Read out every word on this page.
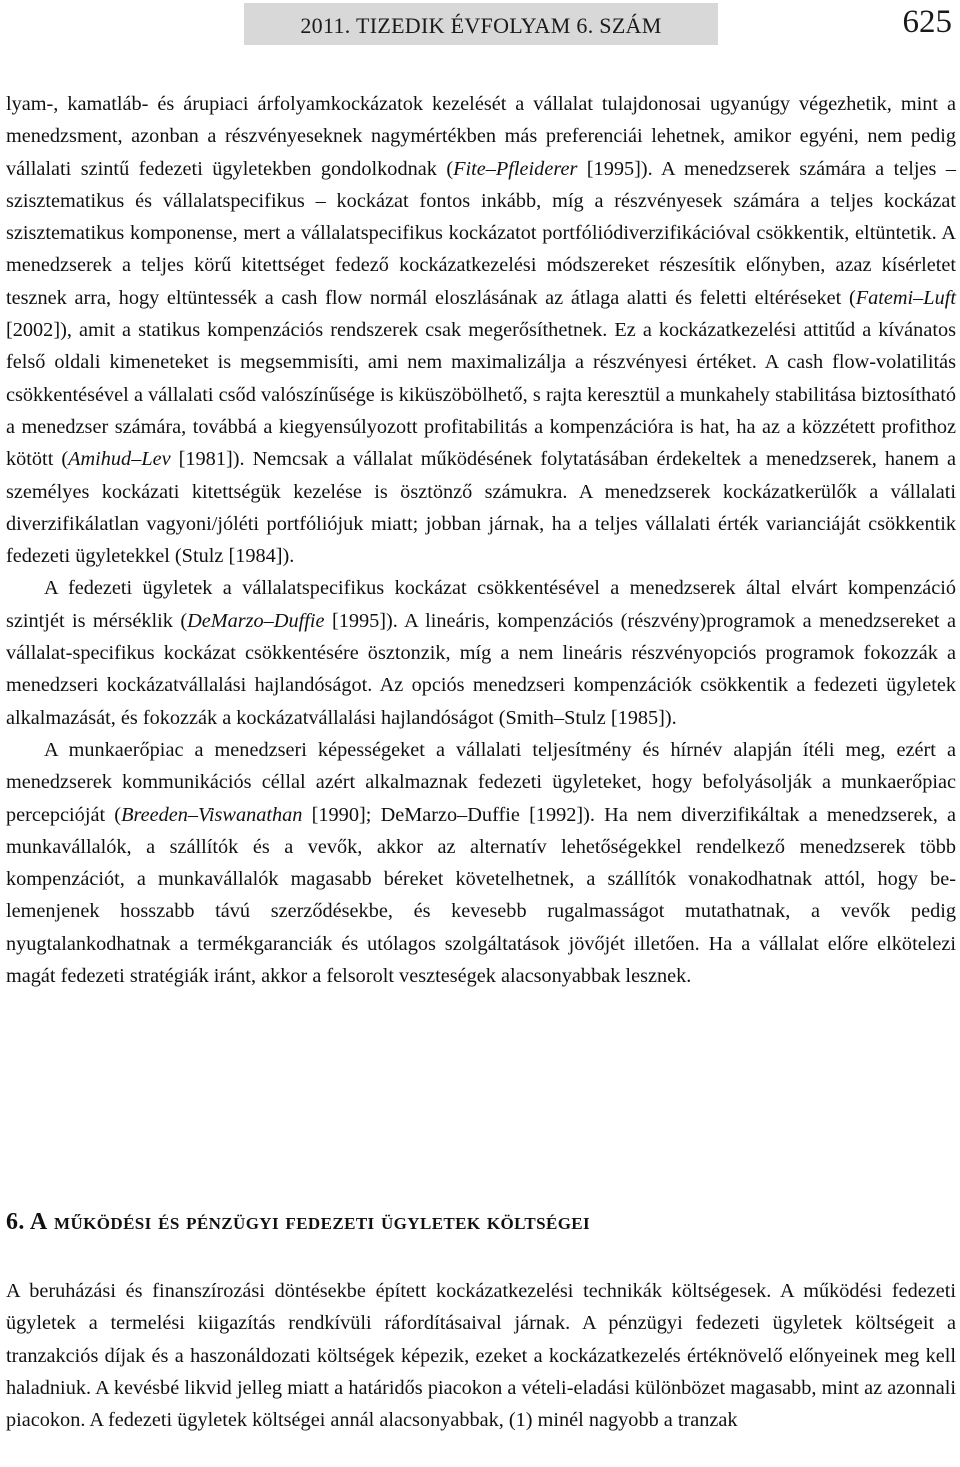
2011. TIZEDIK ÉVFOLYAM 6. SZÁM	625

lyam-, kamatláb- és árupiaci árfolyamkockázatok kezelését a vállalat tulajdonosai ugyanúgy végezhetik, mint a menedzsment, azonban a részvényeseknek nagymértékben más preferenciái lehetnek, amikor egyéni, nem pedig vállalati szintű fedezeti ügyletekben gondolkodnak (Fite–Pfleiderer [1995]). A menedzserek számára a teljes – szisztematikus és vállalatspecifikus – kockázat fontos inkább, míg a részvényesek számára a teljes kockázat szisztematikus komponense, mert a vállalatspecifikus kockázatot portfóliódiverzifikációval csökkentik, eltüntetik. A menedzserek a teljes körű kitettséget fedező kockázatkezelési módszereket részesítik előnyben, azaz kísérletet tesznek arra, hogy eltüntessék a cash flow normál eloszlásának az átlaga alatti és feletti eltéréseket (Fatemi–Luft [2002]), amit a statikus kompenzációs rendszerek csak megerősíthetnek. Ez a kockázatkezelési attitűd a kívánatos felső oldali kimeneteket is megsemmisíti, ami nem maximalizálja a részvényesi értéket. A cash flow-volatilitás csökkentésével a vállalati csőd valószínűsége is kiküszöbölhető, s rajta keresztül a munkahely stabilitása biztosítható a menedzser számára, továbbá a kiegyensúlyozott profitabilitás a kompenzációra is hat, ha az a közzétett profithoz kötött (Amihud–Lev [1981]). Nemcsak a vállalat működésének folytatásában érdekeltek a menedzserek, hanem a személyes kockázati kitettségük kezelése is ösztönző számukra. A menedzserek kockázatkerülők a vállalati diverzifikálatlan vagyoni/jóléti portfóliójuk miatt; jobban járnak, ha a teljes vállalati érték varianciáját csökkentik fedezeti ügyletekkel (Stulz [1984]).

A fedezeti ügyletek a vállalatspecifikus kockázat csökkentésével a menedzserek által elvárt kompenzáció szintjét is mérséklik (DeMarzo–Duffie [1995]). A lineáris, kompenzációs (részvény)programok a menedzsereket a vállalat-specifikus kockázat csökkentésére ösztonzik, míg a nem lineáris részvényopciós programok fokozzák a menedzseri kockázatvállalási hajlandóságot. Az opciós menedzseri kompenzációk csökkentik a fedezeti ügyletek alkalmazását, és fokozzák a kockázatvállalási hajlandóságot (Smith–Stulz [1985]).

A munkaerőpiac a menedzseri képességeket a vállalati teljesítmény és hírnév alapján ítéli meg, ezért a menedzserek kommunikációs céllal azért alkalmaznak fedezeti ügyleteket, hogy befolyásolják a munkaerőpiac percepcióját (Breeden–Viswanathan [1990]; DeMarzo–Duffie [1992]). Ha nem diverzifikáltak a menedzserek, a munkavállalók, a szállítók és a vevők, akkor az alternatív lehetőségekkel rendelkező menedzserek több kompenzációt, a munkavállalók magasabb béreket követelhetnek, a szállítók vonakodhatnak attól, hogy belemenjenek hosszabb távú szerződésekbe, és kevesebb rugalmasságot mutathatnak, a vevők pedig nyugtalankodhatnak a termékgaranciák és utólagos szolgáltatások jövőjét illetően. Ha a vállalat előre elkötelezi magát fedezeti stratégiák iránt, akkor a felsorolt veszteségek alacsonyabbak lesznek.

6. A működési és pénzügyi fedezeti ügyletek költségei

A beruházási és finanszírozási döntésekbe épített kockázatkezelési technikák költségesek. A működési fedezeti ügyletek a termelési kiigazítás rendkívüli ráfordításaival járnak. A pénzügyi fedezeti ügyletek költségeit a tranzakciós díjak és a haszonáldozati költségek képezik, ezeket a kockázatkezelés értéknövelő előnyeinek meg kell haladniuk. A kevésbé likvid jelleg miatt a határidős piacokon a vételi-eladási különbözet magasabb, mint az azonnali piacokon. A fedezeti ügyletek költségei annál alacsonyabbak, (1) minél nagyobb a tranzak
